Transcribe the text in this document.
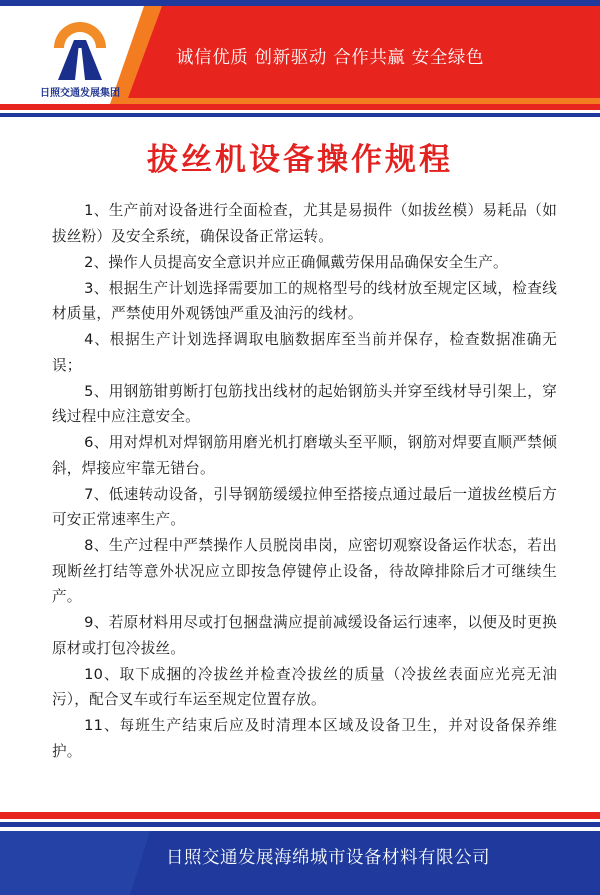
日照交通发展集团
诚信优质 创新驱动 合作共赢 安全绿色
拔丝机设备操作规程
1、生产前对设备进行全面检查，尤其是易损件（如拔丝模）易耗品（如拔丝粉）及安全系统，确保设备正常运转。
2、操作人员提高安全意识并应正确佩戴劳保用品确保安全生产。
3、根据生产计划选择需要加工的规格型号的线材放至规定区域，检查线材质量，严禁使用外观锈蚀严重及油污的线材。
4、根据生产计划选择调取电脑数据库至当前并保存，检查数据准确无误；
5、用钢筋钳剪断打包筋找出线材的起始钢筋头并穿至线材导引架上，穿线过程中应注意安全。
6、用对焊机对焊钢筋用磨光机打磨墩头至平顺，钢筋对焊要直顺严禁倾斜，焊接应牢靠无错台。
7、低速转动设备，引导钢筋缓缓拉伸至搭接点通过最后一道拔丝模后方可安正常速率生产。
8、生产过程中严禁操作人员脱岗串岗，应密切观察设备运作状态，若出现断丝打结等意外状况应立即按急停键停止设备，待故障排除后才可继续生产。
9、若原材料用尽或打包捆盘满应提前减缓设备运行速率，以便及时更换原材或打包冷拔丝。
10、取下成捆的冷拔丝并检查冷拔丝的质量（冷拔丝表面应光亮无油污），配合叉车或行车运至规定位置存放。
11、每班生产结束后应及时清理本区域及设备卫生，并对设备保养维护。
日照交通发展海绵城市设备材料有限公司
